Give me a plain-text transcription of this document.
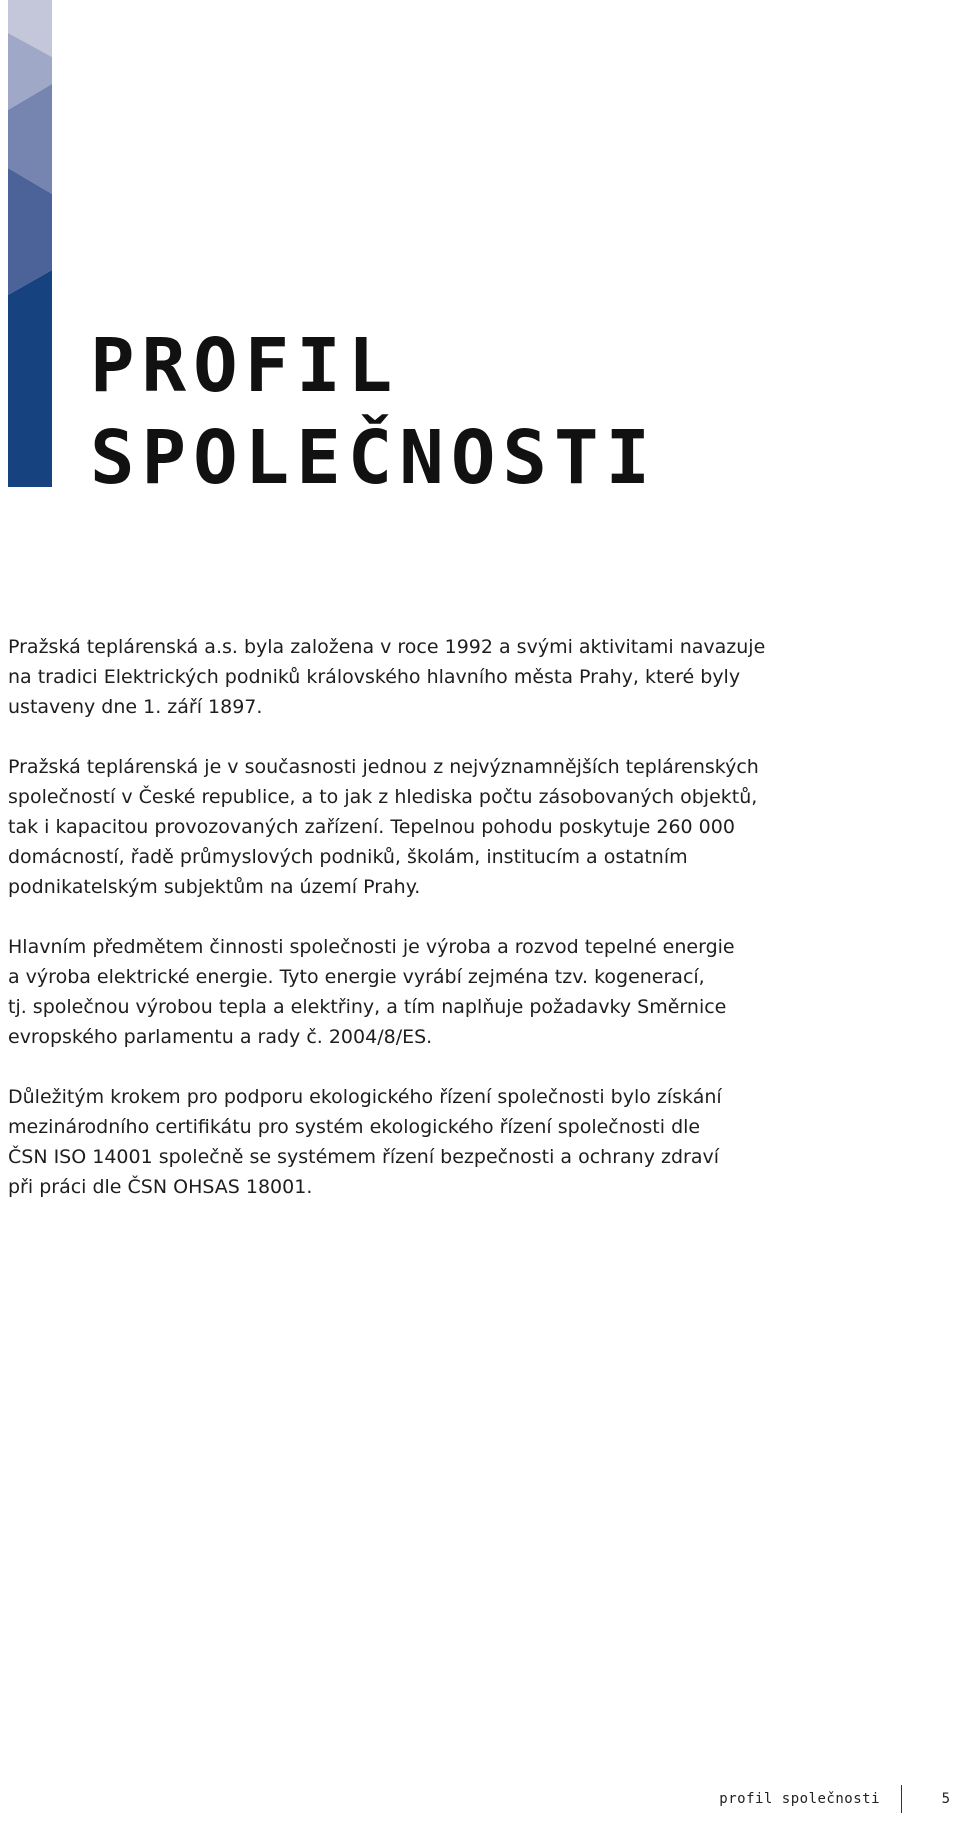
PROFIL
SPOLEČNOSTI

Pražská teplárenská a.s. byla založena v roce 1992 a svými aktivitami navazuje
na tradici Elektrických podniků královského hlavního města Prahy, které byly
ustaveny dne 1. září 1897.

Pražská teplárenská je v současnosti jednou z nejvýznamnějších teplárenských
společností v České republice, a to jak z hlediska počtu zásobovaných objektů,
tak i kapacitou provozovaných zařízení. Tepelnou pohodu poskytuje 260 000
domácností, řadě průmyslových podniků, školám, institucím a ostatním
podnikatelským subjektům na území Prahy.

Hlavním předmětem činnosti společnosti je výroba a rozvod tepelné energie
a výroba elektrické energie. Tyto energie vyrábí zejména tzv. kogenerací,
tj. společnou výrobou tepla a elektřiny, a tím naplňuje požadavky Směrnice
evropského parlamentu a rady č. 2004/8/ES.

Důležitým krokem pro podporu ekologického řízení společnosti bylo získání
mezinárodního certifikátu pro systém ekologického řízení společnosti dle
ČSN ISO 14001 společně se systémem řízení bezpečnosti a ochrany zdraví
při práci dle ČSN OHSAS 18001.

profil společnosti	5
